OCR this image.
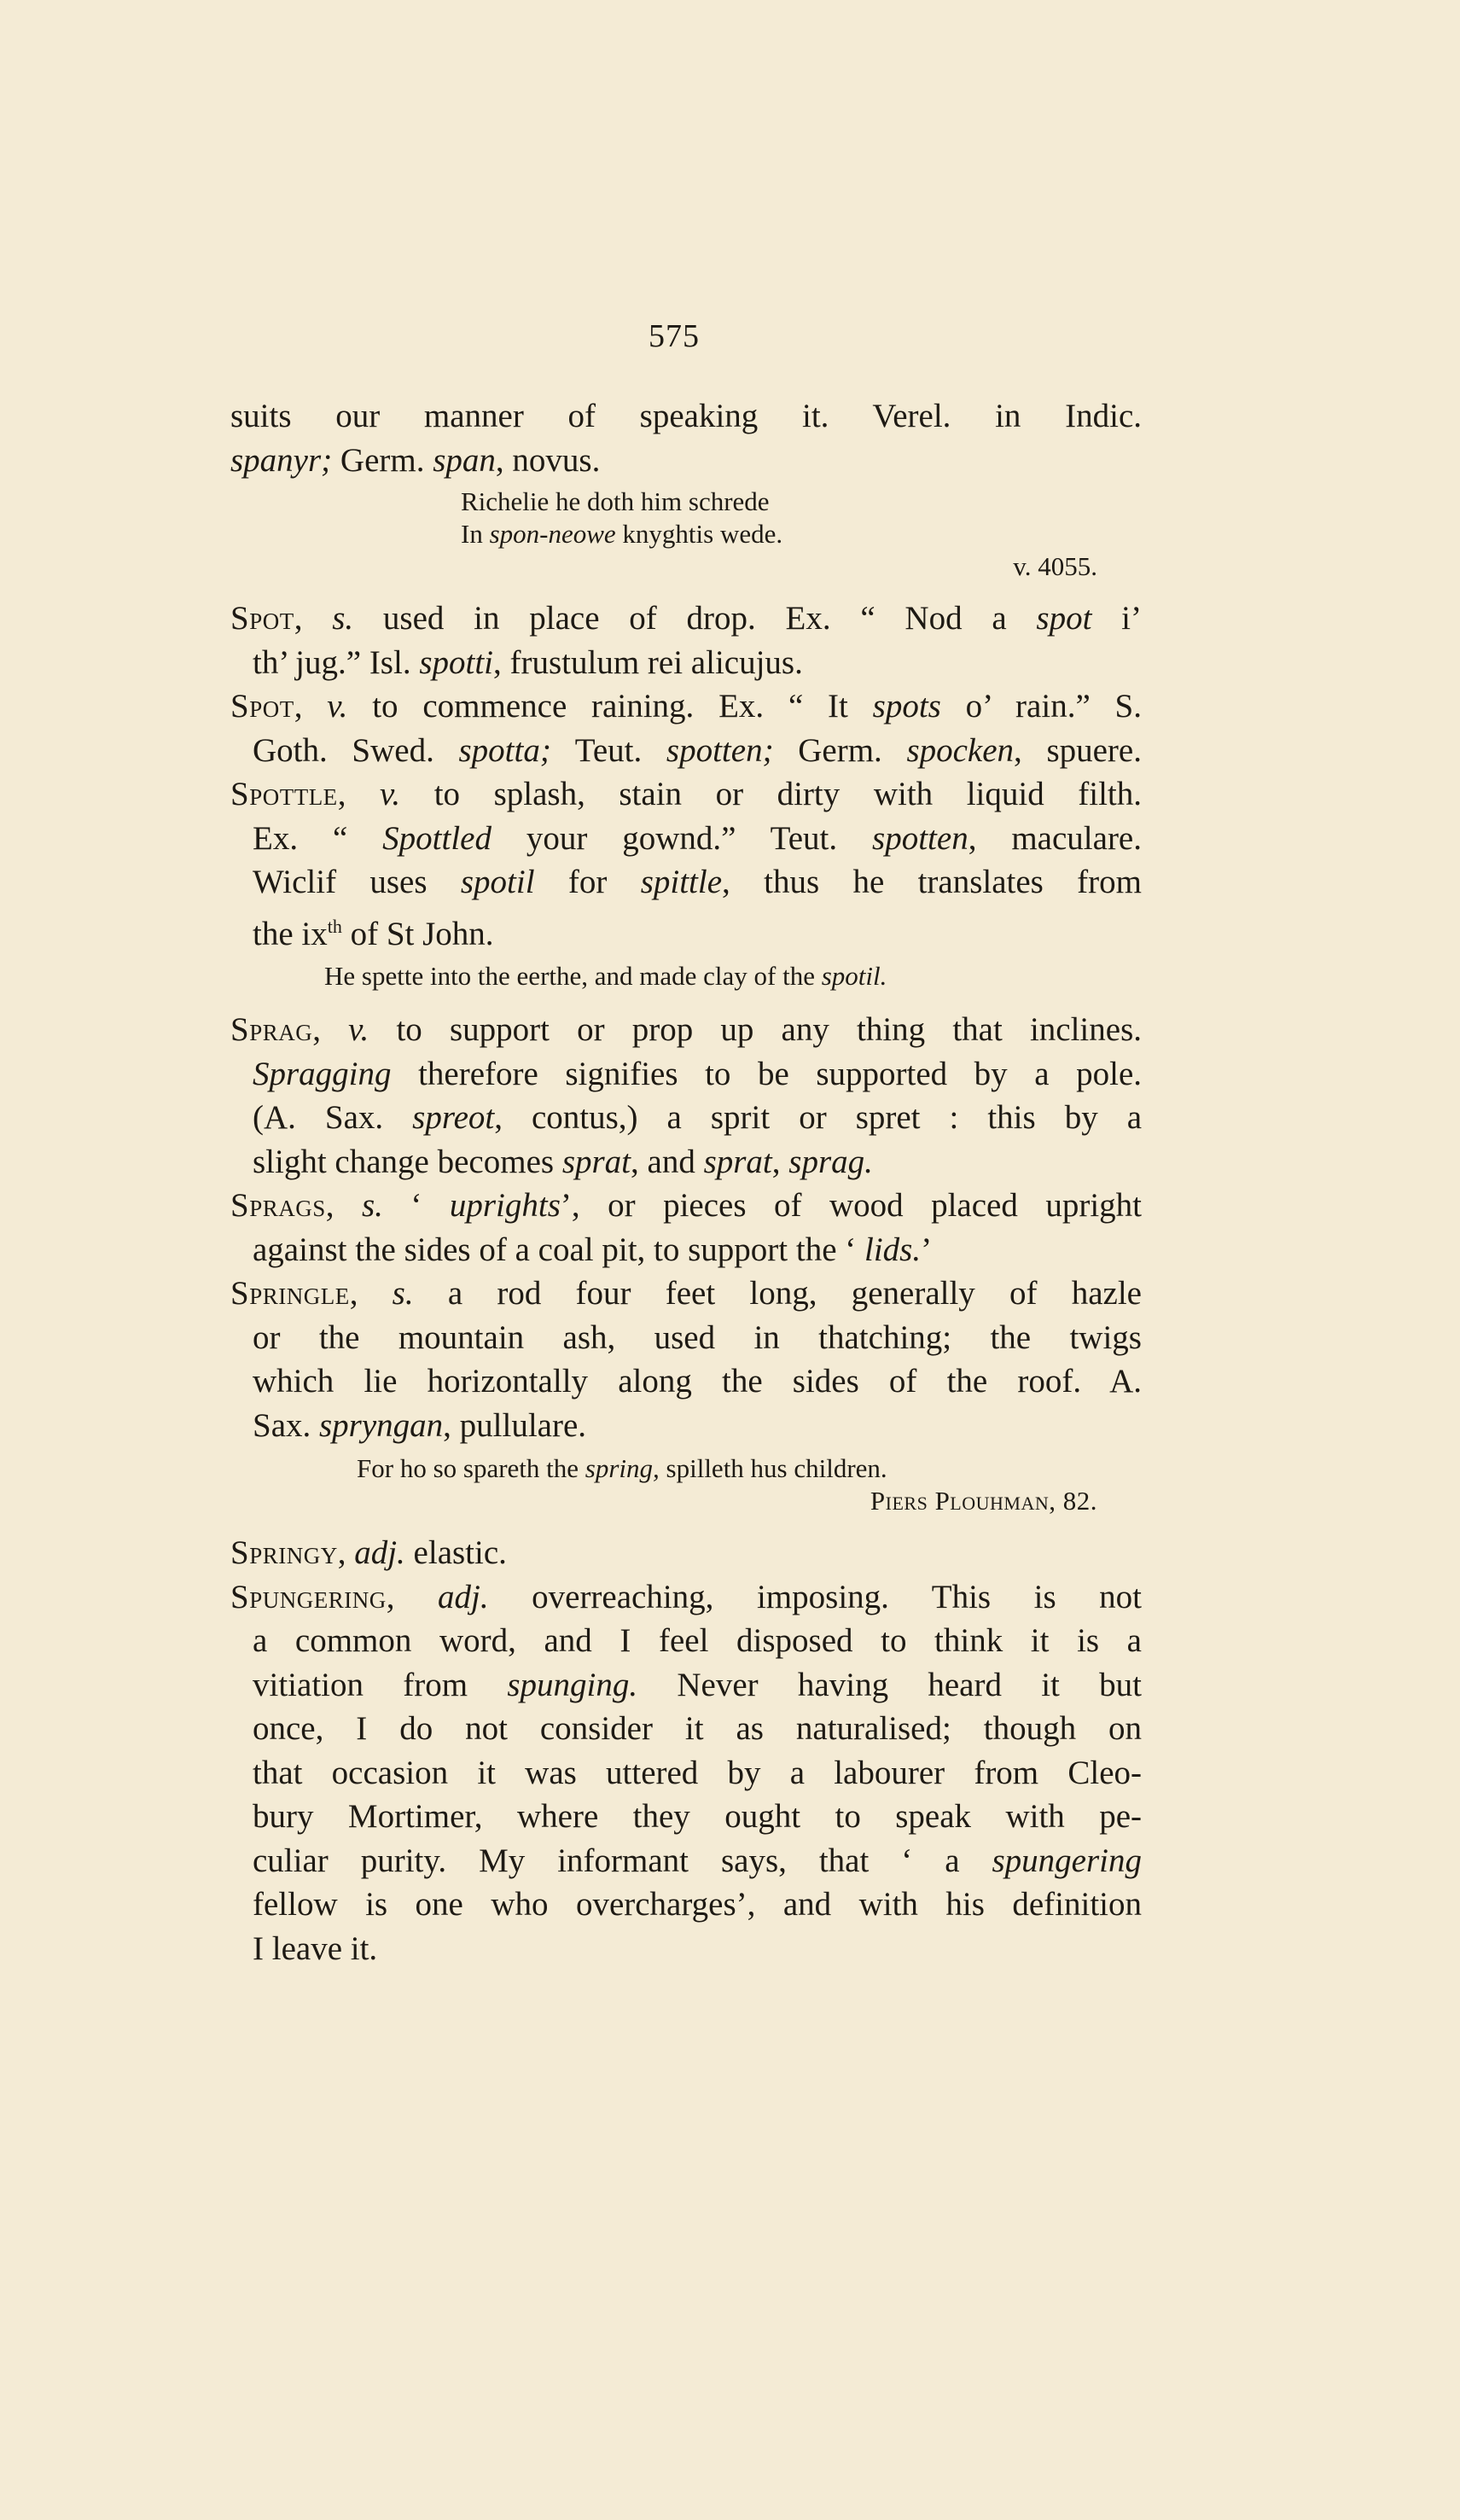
575
suits our manner of speaking it. Verel. in Indic.
spanyr; Germ. span, novus.
Richelie he doth him schrede
In spon-neowe knyghtis wede.
v. 4055.
Spot, s. used in place of drop. Ex. “ Nod a spot i’
th’ jug.” Isl. spotti, frustulum rei alicujus.
Spot, v. to commence raining. Ex. “ It spots o’ rain.” S.
Goth. Swed. spotta; Teut. spotten; Germ. spocken, spuere.
Spottle, v. to splash, stain or dirty with liquid filth.
Ex. “ Spottled your gownd.” Teut. spotten, maculare.
Wiclif uses spotil for spittle, thus he translates from
the $ix^{th}$ of St John.
He spette into the eerthe, and made clay of the spotil.
Sprag, v. to support or prop up any thing that inclines.
Spragging therefore signifies to be supported by a pole.
(A. Sax. spreot, contus,) a sprit or spret : this by a
slight change becomes sprat, and sprat, sprag.
Sprags, s. ‘ uprights’, or pieces of wood placed upright
against the sides of a coal pit, to support the ‘ lids.’
Springle, s. a rod four feet long, generally of hazle
or the mountain ash, used in thatching; the twigs
which lie horizontally along the sides of the roof. A.
Sax. spryngan, pullulare.
For ho so spareth the spring, spilleth hus children.
Piers Plouhman, 82.
Springy, adj. elastic.
Spungering, adj. overreaching, imposing. This is not
a common word, and I feel disposed to think it is a
vitiation from spunging. Never having heard it but
once, I do not consider it as naturalised; though on
that occasion it was uttered by a labourer from Cleo-
bury Mortimer, where they ought to speak with pe-
culiar purity. My informant says, that ‘ a spungering
fellow is one who overcharges’, and with his definition
I leave it.
